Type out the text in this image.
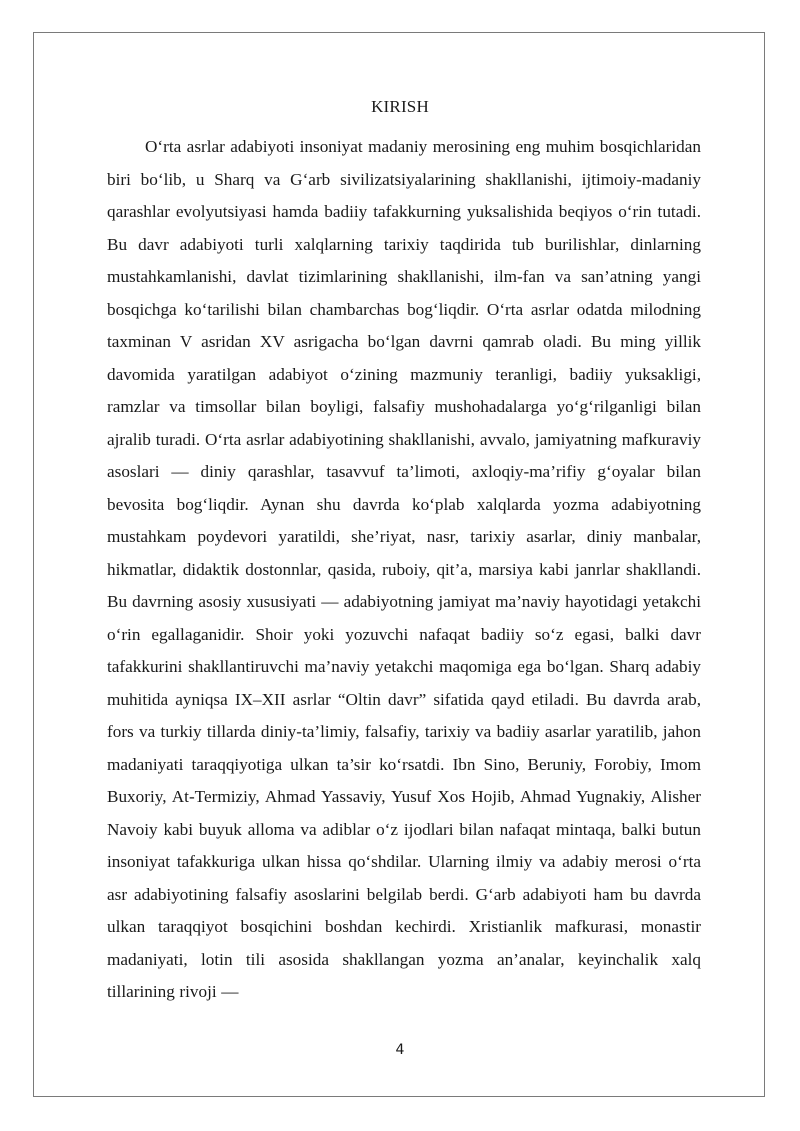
KIRISH

O‘rta asrlar adabiyoti insoniyat madaniy merosining eng muhim bosqichlaridan biri bo‘lib, u Sharq va G‘arb sivilizatsiyalarining shakllanishi, ijtimoiy-madaniy qarashlar evolyutsiyasi hamda badiiy tafakkurning yuksalishida beqiyos o‘rin tutadi. Bu davr adabiyoti turli xalqlarning tarixiy taqdirida tub burilishlar, dinlarning mustahkamlanishi, davlat tizimlarining shakllanishi, ilm-fan va san’atning yangi bosqichga ko‘tarilishi bilan chambarchas bog‘liqdir. O‘rta asrlar odatda milodning taxminan V asridan XV asrigacha bo‘lgan davrni qamrab oladi. Bu ming yillik davomida yaratilgan adabiyot o‘zining mazmuniy teranligi, badiiy yuksakligi, ramzlar va timsollar bilan boyligi, falsafiy mushohadalarga yo‘g‘rilganligi bilan ajralib turadi. O‘rta asrlar adabiyotining shakllanishi, avvalo, jamiyatning mafkuraviy asoslari — diniy qarashlar, tasavvuf ta’limoti, axloqiy-ma’rifiy g‘oyalar bilan bevosita bog‘liqdir. Aynan shu davrda ko‘plab xalqlarda yozma adabiyotning mustahkam poydevori yaratildi, she’riyat, nasr, tarixiy asarlar, diniy manbalar, hikmatlar, didaktik dostonnlar, qasida, ruboiy, qit’a, marsiya kabi janrlar shakllandi. Bu davrning asosiy xususiyati — adabiyotning jamiyat ma’naviy hayotidagi yetakchi o‘rin egallaganidir. Shoir yoki yozuvchi nafaqat badiiy so‘z egasi, balki davr tafakkurini shakllantiruvchi ma’naviy yetakchi maqomiga ega bo‘lgan. Sharq adabiy muhitida ayniqsa IX–XII asrlar “Oltin davr” sifatida qayd etiladi. Bu davrda arab, fors va turkiy tillarda diniy-ta’limiy, falsafiy, tarixiy va badiiy asarlar yaratilib, jahon madaniyati taraqqiyotiga ulkan ta’sir ko‘rsatdi. Ibn Sino, Beruniy, Forobiy, Imom Buxoriy, At-Termiziy, Ahmad Yassaviy, Yusuf Xos Hojib, Ahmad Yugnakiy, Alisher Navoiy kabi buyuk alloma va adiblar o‘z ijodlari bilan nafaqat mintaqa, balki butun insoniyat tafakkuriga ulkan hissa qo‘shdilar. Ularning ilmiy va adabiy merosi o‘rta asr adabiyotining falsafiy asoslarini belgilab berdi. G‘arb adabiyoti ham bu davrda ulkan taraqqiyot bosqichini boshdan kechirdi. Xristianlik mafkurasi, monastir madaniyati, lotin tili asosida shakllangan yozma an’analar, keyinchalik xalq tillarining rivoji —

4
